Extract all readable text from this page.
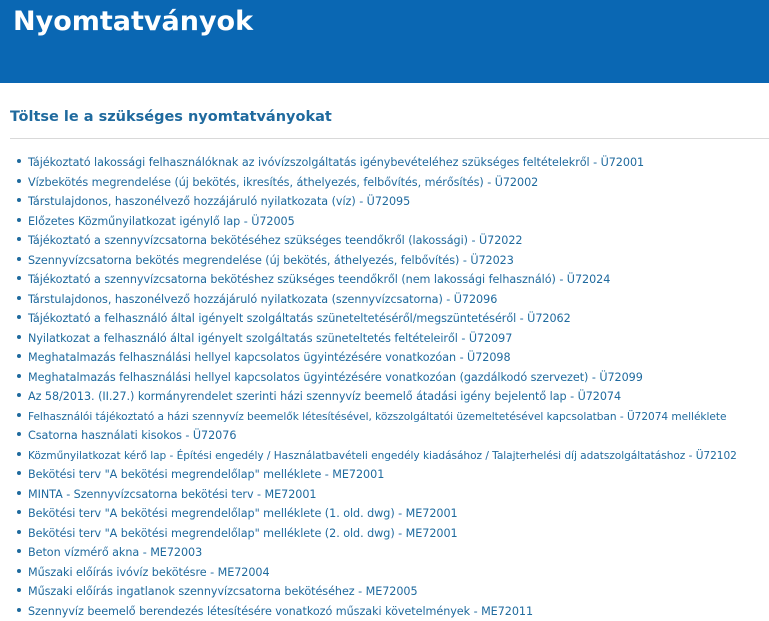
Nyomtatványok
Töltse le a szükséges nyomtatványokat
Tájékoztató lakossági felhasználóknak az ivóvízszolgáltatás igénybevételéhez szükséges feltételekről - Ü72001
Vízbekötés megrendelése (új bekötés, ikresítés, áthelyezés, felbővítés, mérősítés) - Ü72002
Társtulajdonos, haszonélvező hozzájáruló nyilatkozata (víz) - Ü72095
Előzetes Közműnyilatkozat igénylő lap - Ü72005
Tájékoztató a szennyvízcsatorna bekötéséhez szükséges teendőkről (lakossági) - Ü72022
Szennyvízcsatorna bekötés megrendelése (új bekötés, áthelyezés, felbővítés) - Ü72023
Tájékoztató a szennyvízcsatorna bekötéshez szükséges teendőkről (nem lakossági felhasználó) - Ü72024
Társtulajdonos, haszonélvező hozzájáruló nyilatkozata (szennyvízcsatorna) - Ü72096
Tájékoztató a felhasználó által igényelt szolgáltatás szüneteltetéséről/megszüntetéséről - Ü72062
Nyilatkozat a felhasználó által igényelt szolgáltatás szüneteltetés feltételeiről - Ü72097
Meghatalmazás felhasználási hellyel kapcsolatos ügyintézésére vonatkozóan - Ü72098
Meghatalmazás felhasználási hellyel kapcsolatos ügyintézésére vonatkozóan (gazdálkodó szervezet) - Ü72099
Az 58/2013. (II.27.) kormányrendelet szerinti házi szennyvíz beemelő átadási igény bejelentő lap - Ü72074
Felhasználói tájékoztató a házi szennyvíz beemelők létesítésével, közszolgáltatói üzemeltetésével kapcsolatban - Ü72074 melléklete
Csatorna használati kisokos - Ü72076
Közműnyilatkozat kérő lap - Építési engedély / Használatbavételi engedély kiadásához / Talajterhelési díj adatszolgáltatáshoz - Ü72102
Bekötési terv "A bekötési megrendelőlap" melléklete - ME72001
MINTA - Szennyvízcsatorna bekötési terv - ME72001
Bekötési terv "A bekötési megrendelőlap" melléklete (1. old. dwg) - ME72001
Bekötési terv "A bekötési megrendelőlap" melléklete (2. old. dwg) - ME72001
Beton vízmérő akna - ME72003
Műszaki előírás ivóvíz bekötésre - ME72004
Műszaki előírás ingatlanok szennyvízcsatorna bekötéséhez - ME72005
Szennyvíz beemelő berendezés létesítésére vonatkozó műszaki követelmények - ME72011
